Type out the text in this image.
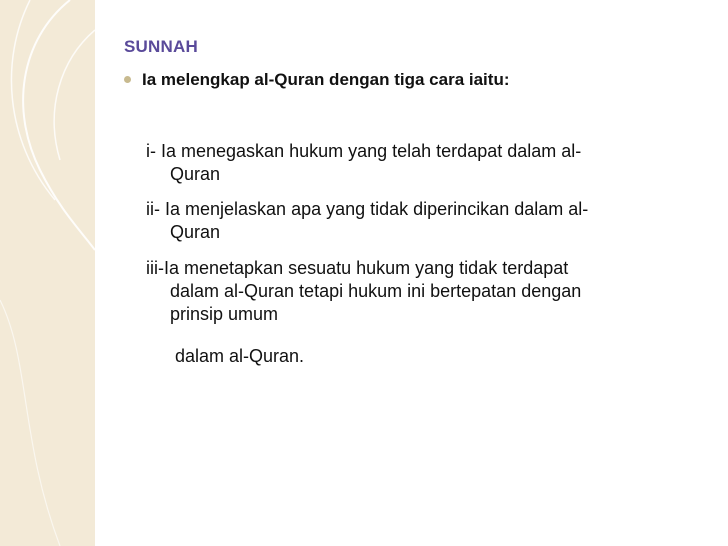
SUNNAH
Ia melengkap al-Quran dengan tiga cara iaitu:
i- Ia menegaskan hukum yang telah terdapat dalam al-
Quran
ii- Ia menjelaskan apa yang tidak diperincikan dalam al-
Quran
iii-Ia menetapkan sesuatu hukum yang tidak terdapat
dalam al-Quran tetapi hukum ini bertepatan dengan
prinsip umum
dalam al-Quran.
